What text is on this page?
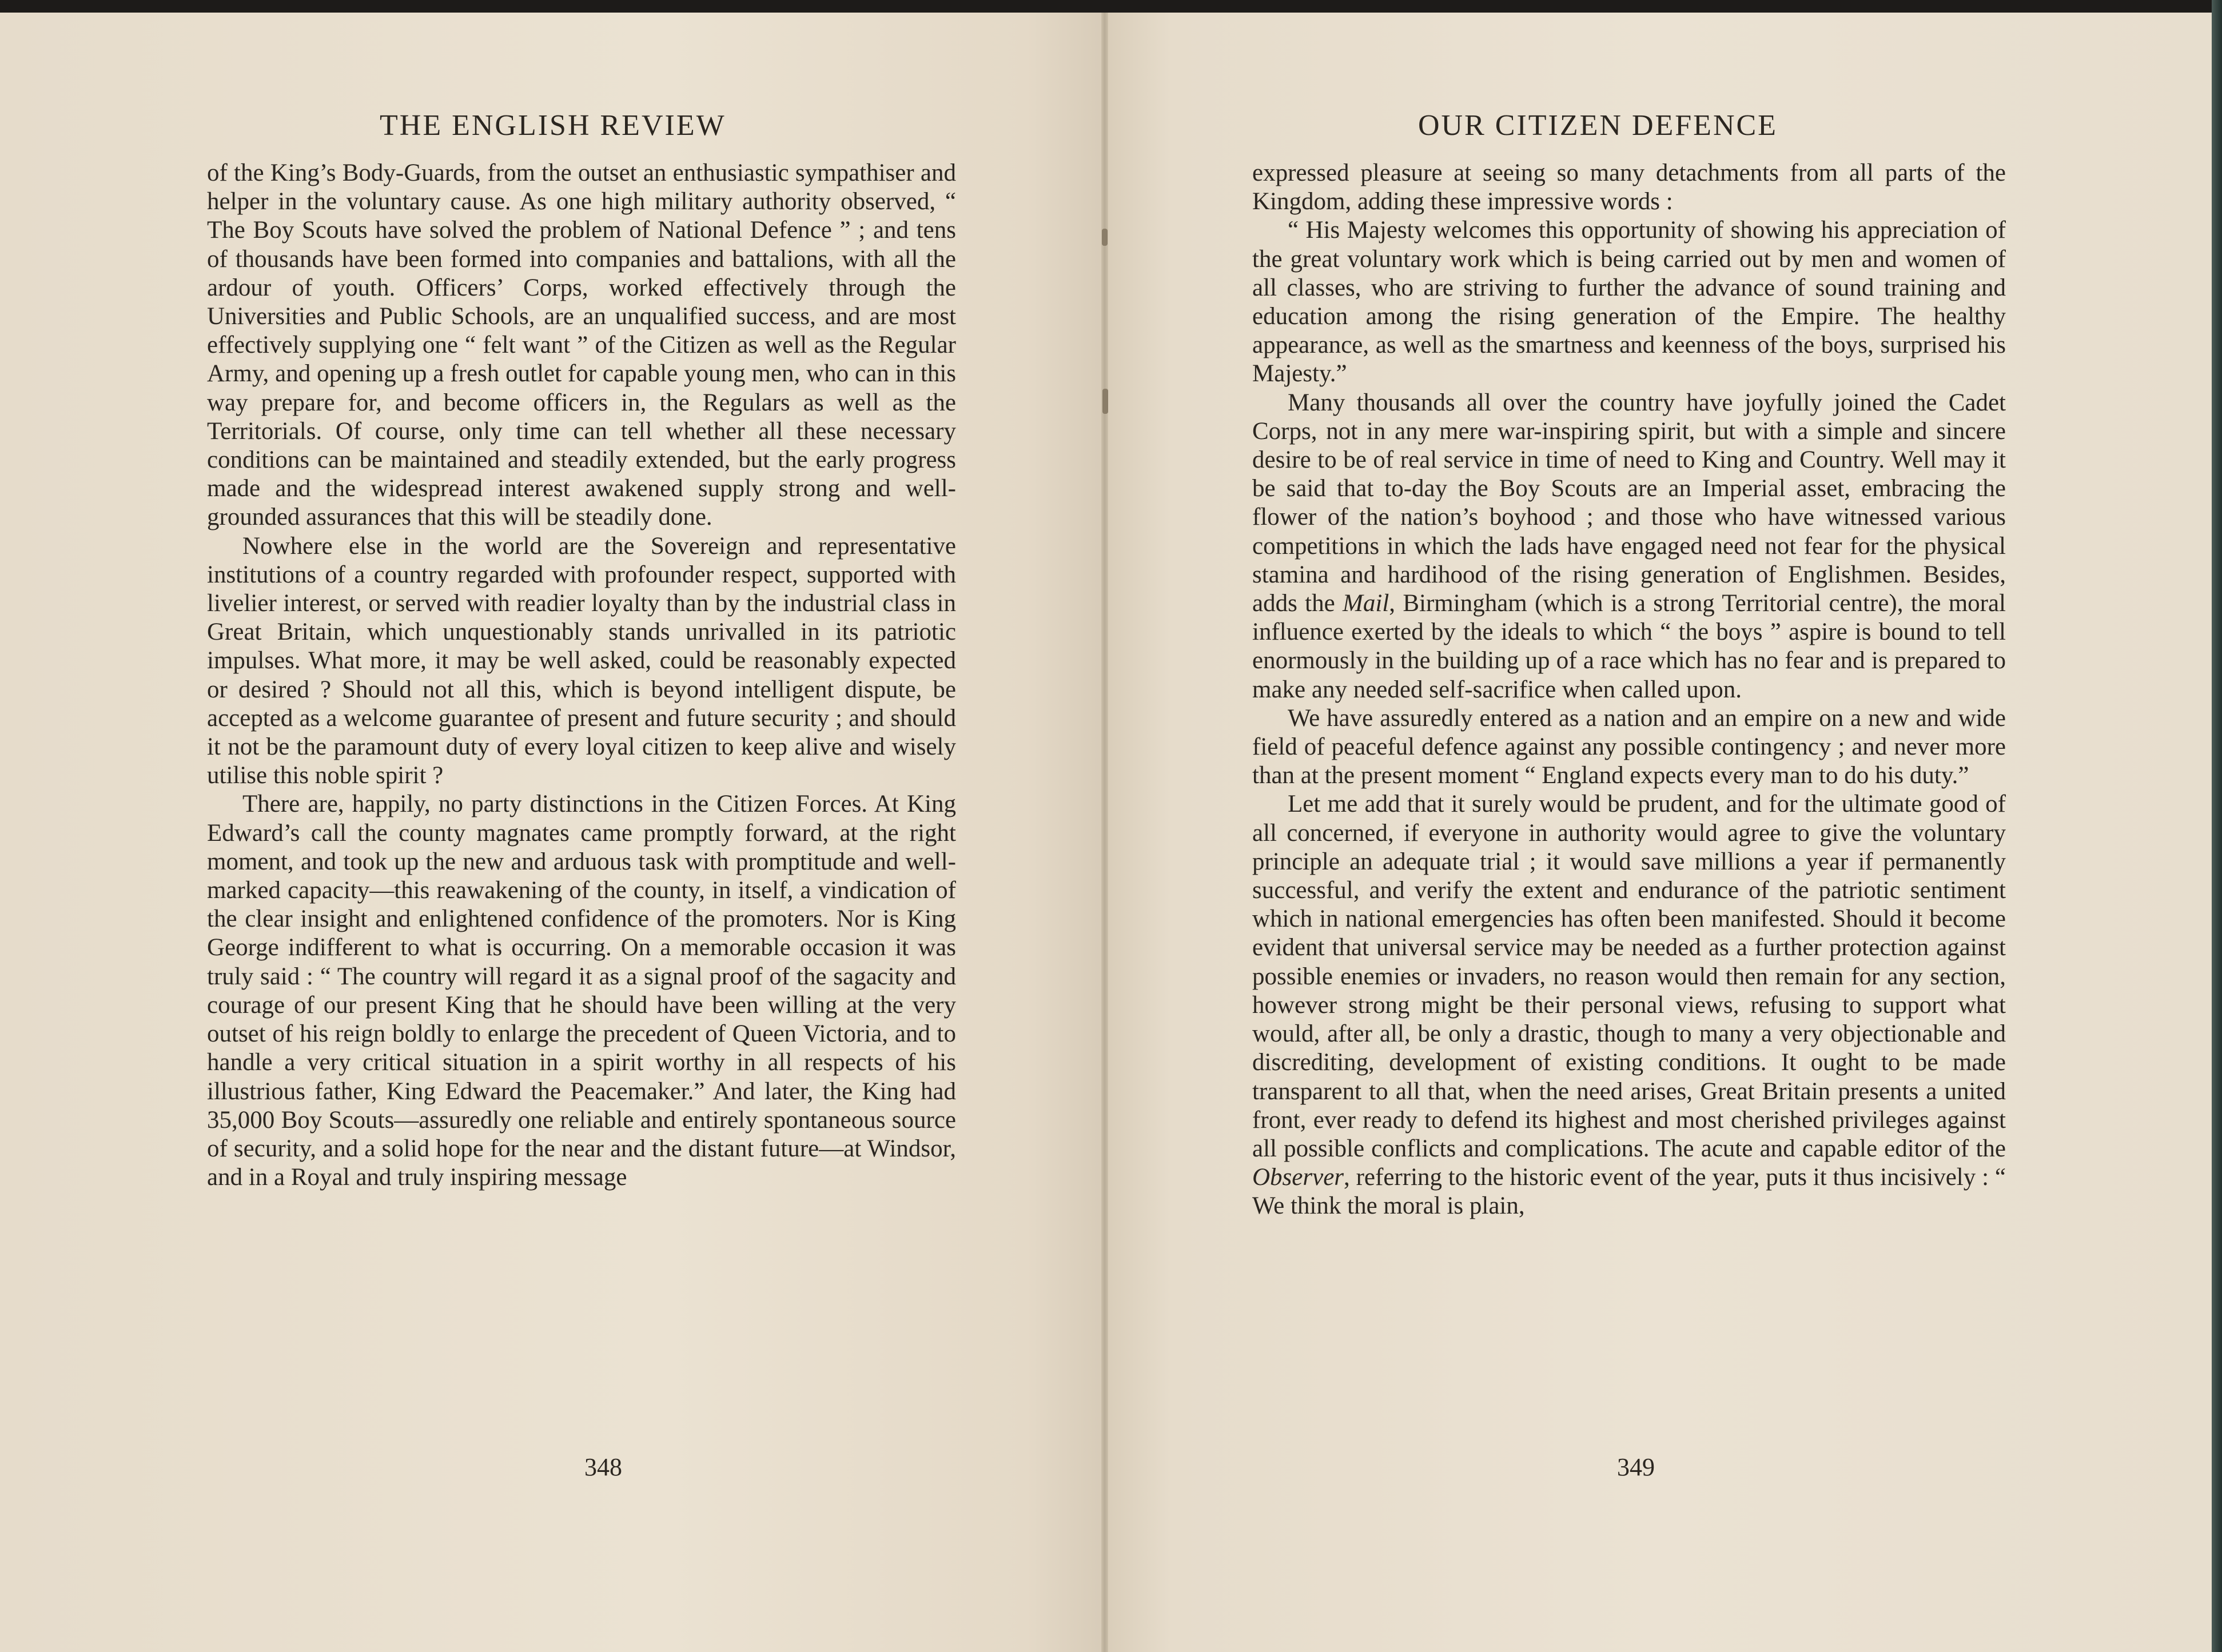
THE ENGLISH REVIEW

of the King’s Body-Guards, from the outset an enthusiastic sympathiser and helper in the voluntary cause. As one high military authority observed, “ The Boy Scouts have solved the problem of National Defence ” ; and tens of thousands have been formed into companies and battalions, with all the ardour of youth. Officers’ Corps, worked effectively through the Universities and Public Schools, are an unqualified success, and are most effectively supplying one “ felt want ” of the Citizen as well as the Regular Army, and opening up a fresh outlet for capable young men, who can in this way prepare for, and become officers in, the Regulars as well as the Territorials. Of course, only time can tell whether all these necessary conditions can be maintained and steadily extended, but the early progress made and the widespread interest awakened supply strong and well-grounded assurances that this will be steadily done.

Nowhere else in the world are the Sovereign and representative institutions of a country regarded with profounder respect, supported with livelier interest, or served with readier loyalty than by the industrial class in Great Britain, which unquestionably stands unrivalled in its patriotic impulses. What more, it may be well asked, could be reasonably expected or desired ? Should not all this, which is beyond intelligent dispute, be accepted as a welcome guarantee of present and future security ; and should it not be the paramount duty of every loyal citizen to keep alive and wisely utilise this noble spirit ?

There are, happily, no party distinctions in the Citizen Forces. At King Edward’s call the county magnates came promptly forward, at the right moment, and took up the new and arduous task with promptitude and well-marked capacity—this reawakening of the county, in itself, a vindication of the clear insight and enlightened confidence of the promoters. Nor is King George indifferent to what is occurring. On a memorable occasion it was truly said : “ The country will regard it as a signal proof of the sagacity and courage of our present King that he should have been willing at the very outset of his reign boldly to enlarge the precedent of Queen Victoria, and to handle a very critical situation in a spirit worthy in all respects of his illustrious father, King Edward the Peacemaker.” And later, the King had 35,000 Boy Scouts—assuredly one reliable and entirely spontaneous source of security, and a solid hope for the near and the distant future—at Windsor, and in a Royal and truly inspiring message

348
OUR CITIZEN DEFENCE

expressed pleasure at seeing so many detachments from all parts of the Kingdom, adding these impressive words :

“ His Majesty welcomes this opportunity of showing his appreciation of the great voluntary work which is being carried out by men and women of all classes, who are striving to further the advance of sound training and education among the rising generation of the Empire. The healthy appearance, as well as the smartness and keenness of the boys, surprised his Majesty.”

Many thousands all over the country have joyfully joined the Cadet Corps, not in any mere war-inspiring spirit, but with a simple and sincere desire to be of real service in time of need to King and Country. Well may it be said that to-day the Boy Scouts are an Imperial asset, embracing the flower of the nation’s boyhood ; and those who have witnessed various competitions in which the lads have engaged need not fear for the physical stamina and hardihood of the rising generation of Englishmen. Besides, adds the Mail, Birmingham (which is a strong Territorial centre), the moral influence exerted by the ideals to which “ the boys ” aspire is bound to tell enormously in the building up of a race which has no fear and is prepared to make any needed self-sacrifice when called upon.

We have assuredly entered as a nation and an empire on a new and wide field of peaceful defence against any possible contingency ; and never more than at the present moment “ England expects every man to do his duty.”

Let me add that it surely would be prudent, and for the ultimate good of all concerned, if everyone in authority would agree to give the voluntary principle an adequate trial ; it would save millions a year if permanently successful, and verify the extent and endurance of the patriotic sentiment which in national emergencies has often been manifested. Should it become evident that universal service may be needed as a further protection against possible enemies or invaders, no reason would then remain for any section, however strong might be their personal views, refusing to support what would, after all, be only a drastic, though to many a very objectionable and discrediting, development of existing conditions. It ought to be made transparent to all that, when the need arises, Great Britain presents a united front, ever ready to defend its highest and most cherished privileges against all possible conflicts and complications. The acute and capable editor of the Observer, referring to the historic event of the year, puts it thus incisively : “ We think the moral is plain,

349
